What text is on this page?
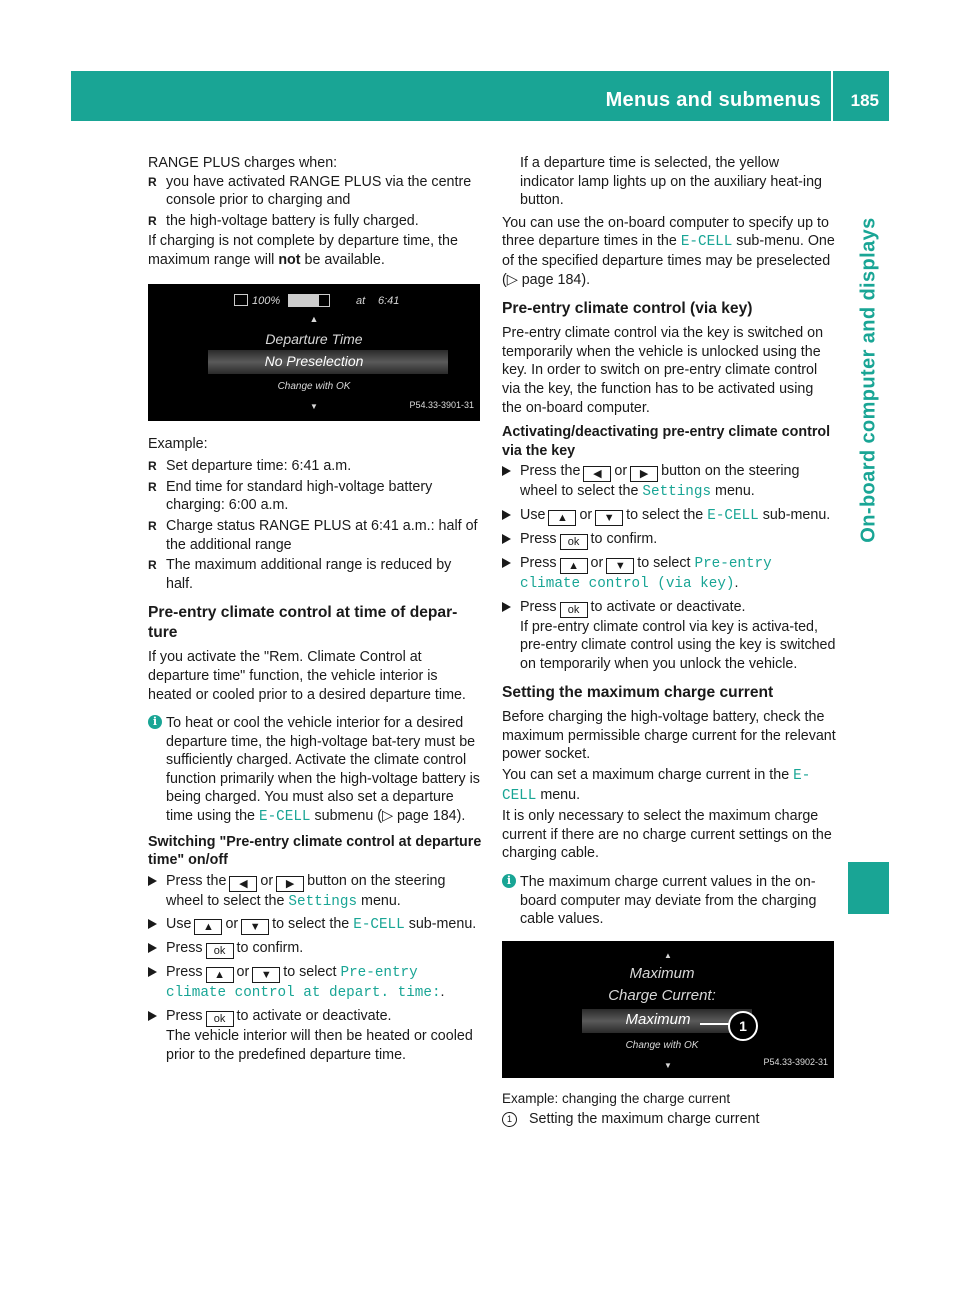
Menus and submenus 185
On-board computer and displays

RANGE PLUS charges when:

R you have activated RANGE PLUS via the centre console prior to charging and
R the high-voltage battery is fully charged.

If charging is not complete by departure time, the maximum range will not be available.

100%	at	6:41
▲
Departure Time
No Preselection
Change with OK
▼	P54.33-3901-31

Example:

R Set departure time: 6:41 a.m.
R End time for standard high-voltage battery charging: 6:00 a.m.
R Charge status RANGE PLUS at 6:41 a.m.: half of the additional range
R The maximum additional range is reduced by half.
Pre-entry climate control at time of depar-ture

If you activate the "Rem. Climate Control at departure time" function, the vehicle interior is heated or cooled prior to a desired departure time.

i To heat or cool the vehicle interior for a desired departure time, the high-voltage bat-tery must be sufficiently charged. Activate the climate control function primarily when the high-voltage battery is being charged. You must also set a departure time using the E-CELL submenu (▷ page 184).
Switching "Pre-entry climate control at departure time" on/off
Press the ◀ or ▶ button on the steering wheel to select the Settings menu.
Use ▲ or ▼ to select the E-CELL sub-menu.
Press ok to confirm.
Press ▲ or ▼ to select Pre-entry climate control at depart. time:.
Press ok to activate or deactivate.
The vehicle interior will then be heated or cooled prior to the predefined departure time.

If a departure time is selected, the yellow indicator lamp lights up on the auxiliary heat-ing button.

You can use the on-board computer to specify up to three departure times in the E-CELL sub-menu. One of the specified departure times may be preselected (▷ page 184).

Pre-entry climate control (via key)

Pre-entry climate control via the key is switched on temporarily when the vehicle is unlocked using the key. In order to switch on pre-entry climate control via the key, the function has to be activated using the on-board computer.

Activating/deactivating pre-entry climate control via the key
Press the ◀ or ▶ button on the steering wheel to select the Settings menu.
Use ▲ or ▼ to select the E-CELL sub-menu.
Press ok to confirm.
Press ▲ or ▼ to select Pre-entry climate control (via key).
Press ok to activate or deactivate.
If pre-entry climate control via key is activa-ted, pre-entry climate control using the key is switched on temporarily when you unlock the vehicle.
Setting the maximum charge current

Before charging the high-voltage battery, check the maximum permissible charge current for the relevant power socket.

You can set a maximum charge current in the E-CELL menu.

It is only necessary to select the maximum charge current if there are no charge current settings on the charging cable.

i The maximum charge current values in the on-board computer may deviate from the charging cable values.
▲
Maximum
Charge Current:
Maximum	1
Change with OK
▼	P54.33-3902-31

Example: changing the charge current

1 Setting the maximum charge current
